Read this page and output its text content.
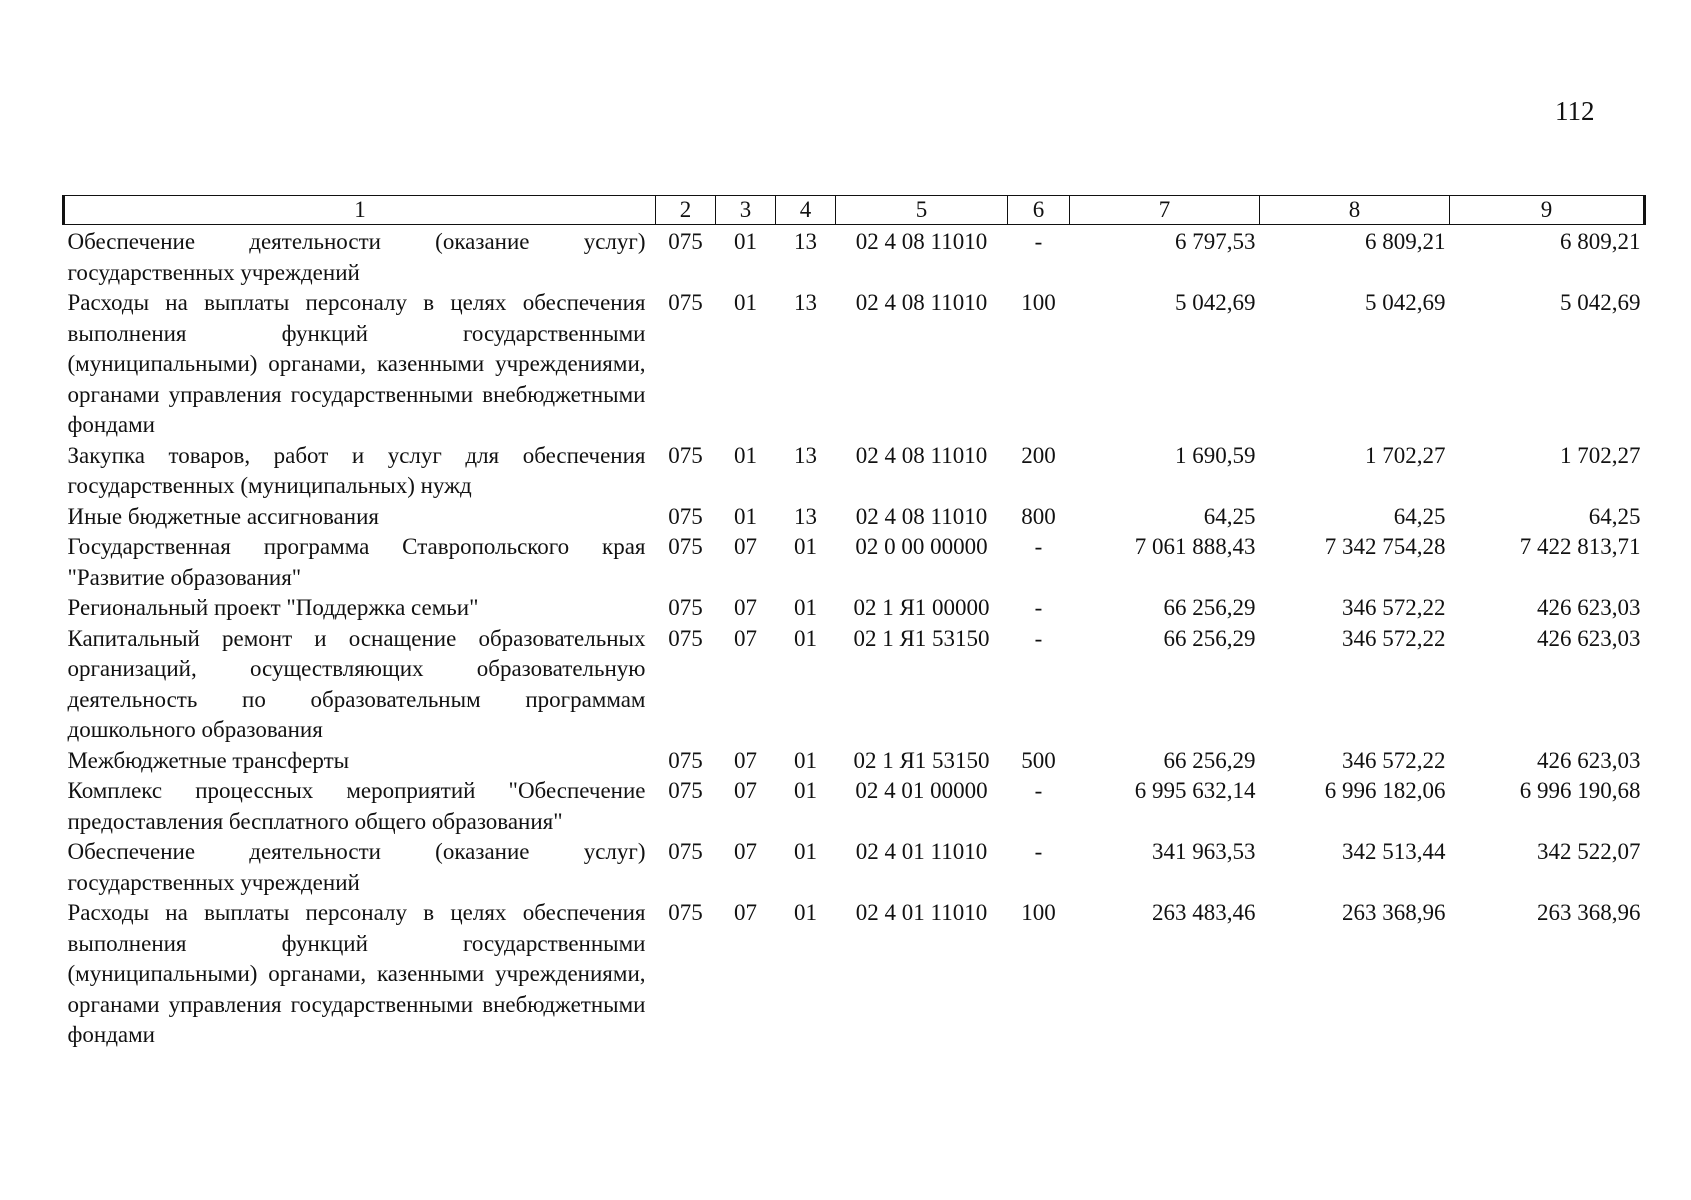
112
1	2	3	4	5	6	7	8	9
Обеспечение деятельности (оказание услуг) государственных учреждений	075	01	13	02 4 08 11010	-	6 797,53	6 809,21	6 809,21
Расходы на выплаты персоналу в целях обеспечения выполнения функций государственными (муниципальными) органами, казенными учреждениями, органами управления государственными внебюджетными фондами	075	01	13	02 4 08 11010	100	5 042,69	5 042,69	5 042,69
Закупка товаров, работ и услуг для обеспечения государственных (муниципальных) нужд	075	01	13	02 4 08 11010	200	1 690,59	1 702,27	1 702,27
Иные бюджетные ассигнования	075	01	13	02 4 08 11010	800	64,25	64,25	64,25
Государственная программа Ставропольского края "Развитие образования"	075	07	01	02 0 00 00000	-	7 061 888,43	7 342 754,28	7 422 813,71
Региональный проект "Поддержка семьи"	075	07	01	02 1 Я1 00000	-	66 256,29	346 572,22	426 623,03
Капитальный ремонт и оснащение образовательных организаций, осуществляющих образовательную деятельность по образовательным программам дошкольного образования	075	07	01	02 1 Я1 53150	-	66 256,29	346 572,22	426 623,03
Межбюджетные трансферты	075	07	01	02 1 Я1 53150	500	66 256,29	346 572,22	426 623,03
Комплекс процессных мероприятий "Обеспечение предоставления бесплатного общего образования"	075	07	01	02 4 01 00000	-	6 995 632,14	6 996 182,06	6 996 190,68
Обеспечение деятельности (оказание услуг) государственных учреждений	075	07	01	02 4 01 11010	-	341 963,53	342 513,44	342 522,07
Расходы на выплаты персоналу в целях обеспечения выполнения функций государственными (муниципальными) органами, казенными учреждениями, органами управления государственными внебюджетными фондами	075	07	01	02 4 01 11010	100	263 483,46	263 368,96	263 368,96
